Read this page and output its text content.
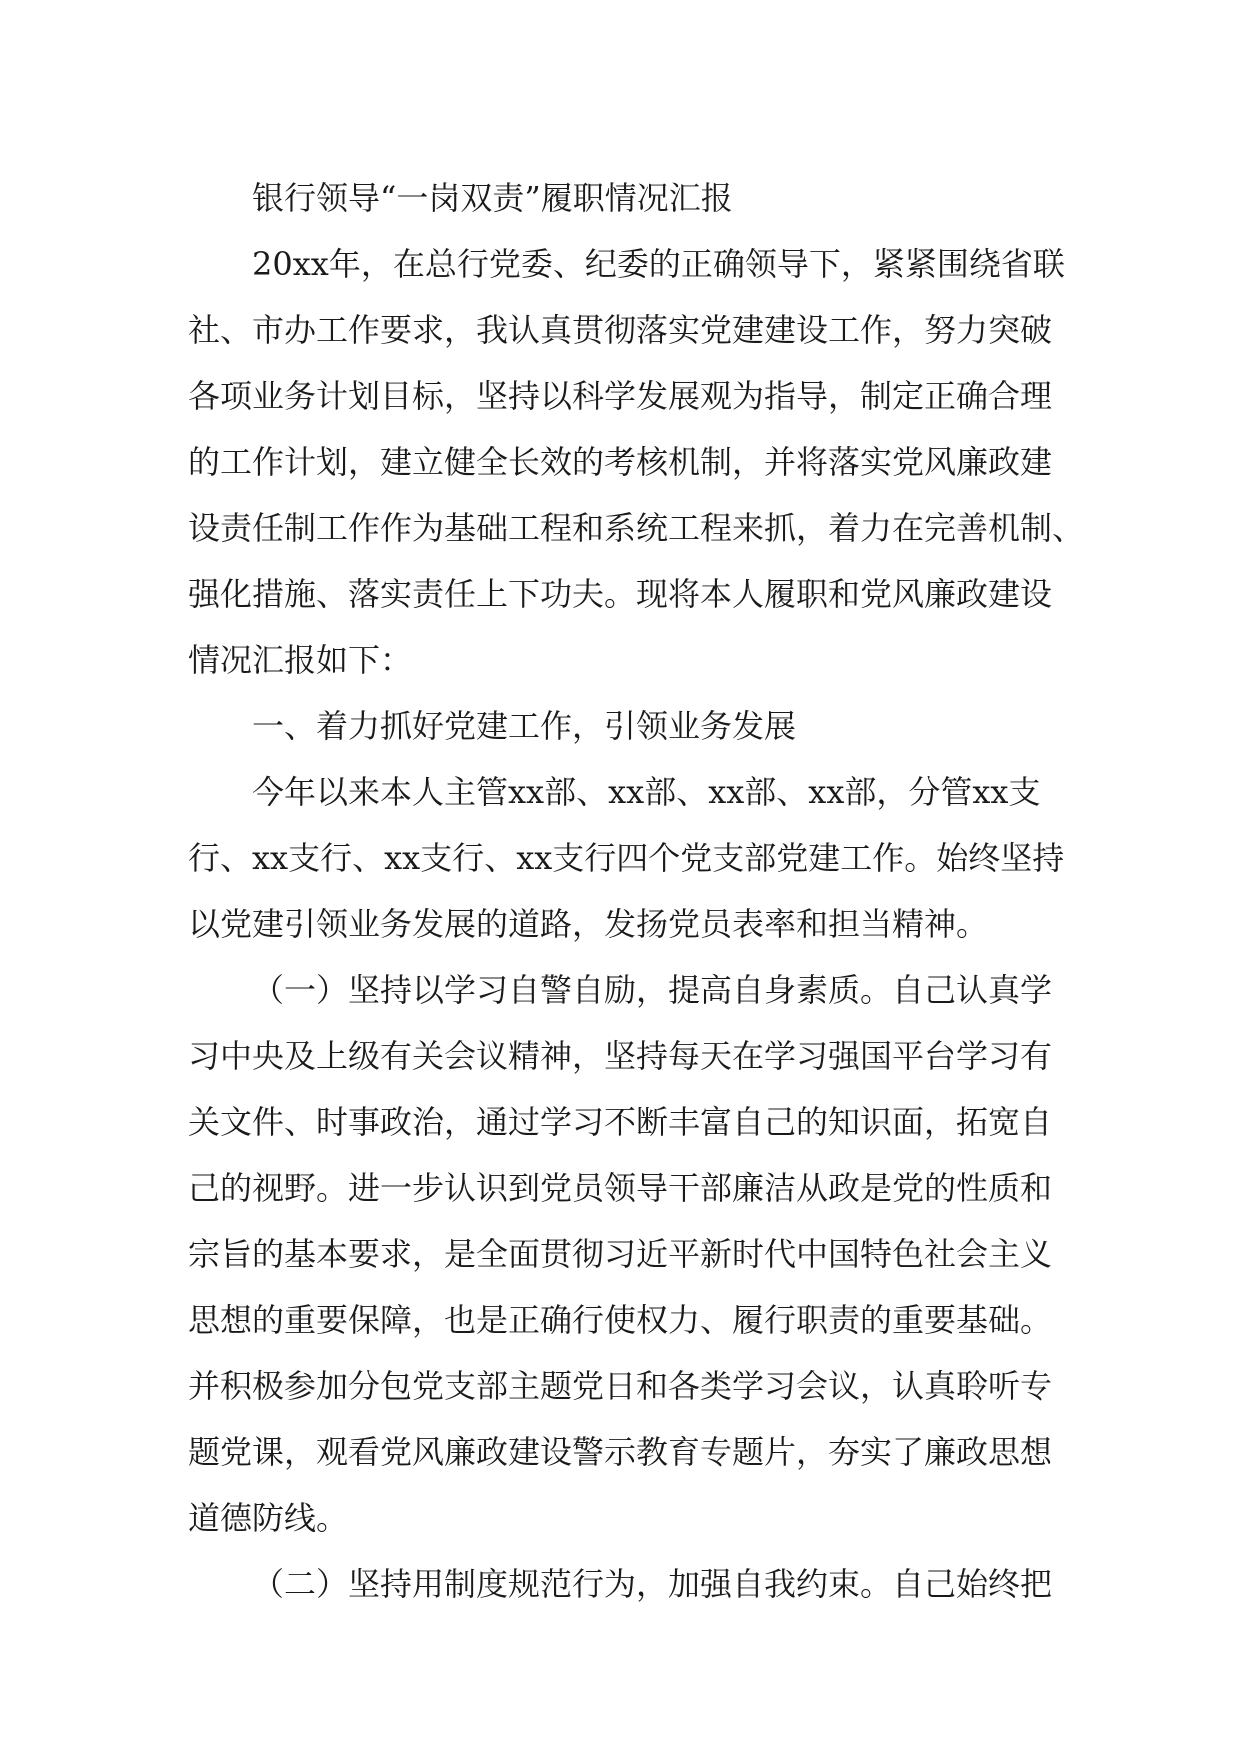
银行领导“一岗双责”履职情况汇报
20xx年，在总行党委、纪委的正确领导下，紧紧围绕省联
社、市办工作要求，我认真贯彻落实党建建设工作，努力突破
各项业务计划目标，坚持以科学发展观为指导，制定正确合理
的工作计划，建立健全长效的考核机制，并将落实党风廉政建
设责任制工作作为基础工程和系统工程来抓，着力在完善机制、
强化措施、落实责任上下功夫。现将本人履职和党风廉政建设
情况汇报如下：
一、着力抓好党建工作，引领业务发展
今年以来本人主管xx部、xx部、xx部、xx部，分管xx支
行、xx支行、xx支行、xx支行四个党支部党建工作。始终坚持
以党建引领业务发展的道路，发扬党员表率和担当精神。
（一）坚持以学习自警自励，提高自身素质。自己认真学
习中央及上级有关会议精神，坚持每天在学习强国平台学习有
关文件、时事政治，通过学习不断丰富自己的知识面，拓宽自
己的视野。进一步认识到党员领导干部廉洁从政是党的性质和
宗旨的基本要求，是全面贯彻习近平新时代中国特色社会主义
思想的重要保障，也是正确行使权力、履行职责的重要基础。
并积极参加分包党支部主题党日和各类学习会议，认真聆听专
题党课，观看党风廉政建设警示教育专题片，夯实了廉政思想
道德防线。
（二）坚持用制度规范行为，加强自我约束。自己始终把
